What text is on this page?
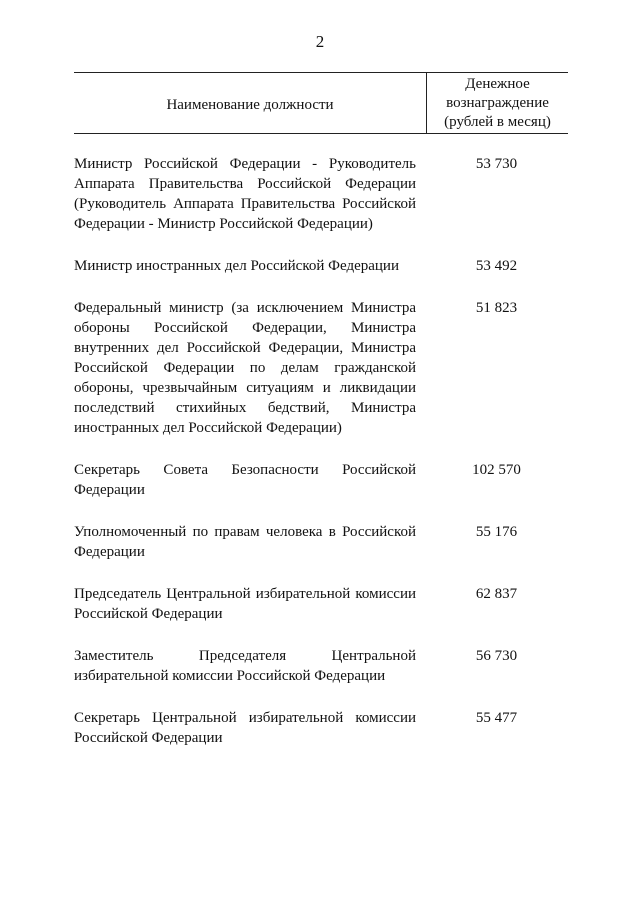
2
Наименование должности
Денежное
вознаграждение
(рублей в месяц)
Министр Российской Федерации - Руководитель Аппарата Правительства Российской Федерации (Руководитель Аппарата Правительства Российской Федерации - Министр Российской Федерации)
53 730
Министр иностранных дел Российской Федерации	53 492
Федеральный министр (за исключением Министра обороны Российской Федерации, Министра внутренних дел Российской Федерации, Министра Российской Федерации по делам гражданской обороны, чрезвычайным ситуациям и ликвидации последствий стихийных бедствий, Министра иностранных дел Российской Федерации)
51 823
Секретарь Совета Безопасности Российской Федерации
102 570
Уполномоченный по правам человека в Российской Федерации
55 176
Председатель Центральной избирательной комиссии Российской Федерации
62 837
Заместитель Председателя Центральной избирательной комиссии Российской Федерации
56 730
Секретарь Центральной избирательной комиссии Российской Федерации
55 477
